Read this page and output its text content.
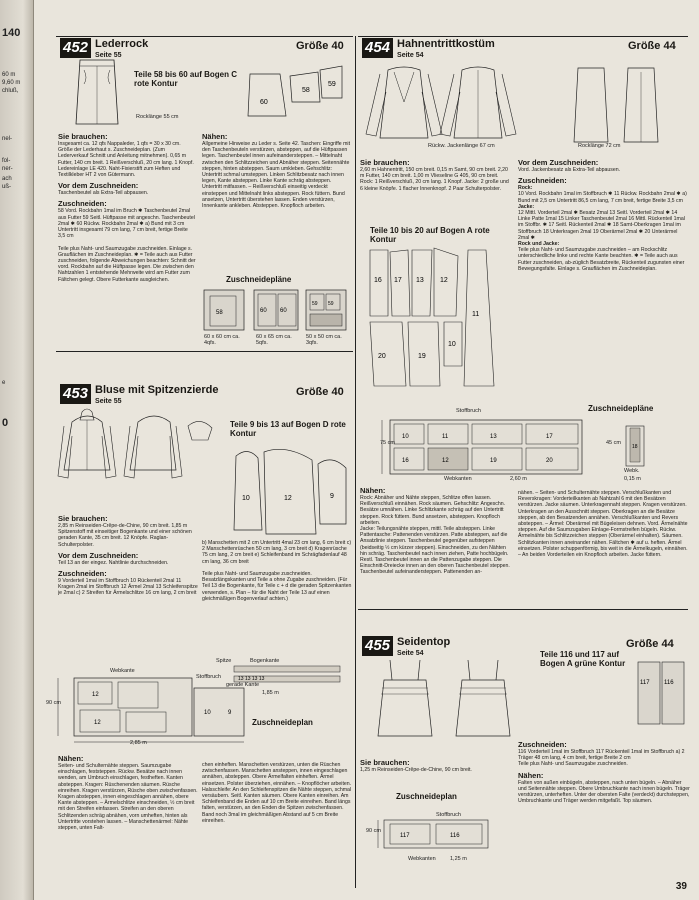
140
60 m
9,60 m
chluß,
nel-
fol-
ner-
ach
uß-
e
0
452 Lederrock
Seite 55
Größe 40
Teile 58 bis 60 auf Bogen C rote Kontur
60
58
59
Rocklänge 55 cm
Sie brauchen:
Insgesamt ca. 12 qfs Nappaleder, 1 qfs = 30 x 30 cm. Größe der Lederhaut s. Zuschneideplan. (Zum Lederverkauf Schnitt und Anleitung mitnehmen). 0,65 m Futter, 140 cm breit. 1 Reißverschluß, 20 cm lang. 1 Knopf. Ledereinlage LE 420. Naht-Fixierstift zum Heften und Textilkleber HT 2 von Gütermann.
Vor dem Zuschneiden:
Taschenbeutel als Extra-Teil abpausen.
Zuschneiden:
58 Vord. Rockbahn 1mal im Bruch ✱ Taschenbeutel 2mal aus Futter 59 Seitl. Hüftpasse mit angeschn. Taschenbeutel 2mal ✱ 60 Rückw. Rockbahn 2mal ✱ a) Bund mit 3 cm Untertritt insgesamt 79 cm lang, 7 cm breit, fertige Breite 3,5 cm

Teile plus Naht- und Saumzugabe zuschneiden. Einlage s. Grauflächen im Zuschneideplan. ✱ = Teile auch aus Futter zuschneiden, folgende Abweichungen beachten: Schnitt der vord. Rockbahn auf die Hüftpasse legen. Die zwischen den Nahtzahlen 1 entstehende Mehrweite wird am Futter zum Fältchen gelegt. Obere Futterkante ausgleichen.
Nähen:
Allgemeine Hinweise zu Leder s. Seite 42. Taschen: Eingriffe mit den Taschenbeuteln verstürzen, absteppen, auf die Hüftpassen legen. Taschenbeutel innen aufeinandersteppen. – Mittelnaht zwischen den Schlitzzeichen und Abnäher steppen. Seitennähte steppen, hinten absteppen. Saum umkleben. Gehschlitz: Untertritt schmal umsteppen. Linken Schlitzbesatz nach innen legen, Kante absteppen. Linke Kante schräg absteppen. Untertritt mitfassen. – Reißverschluß einseitig verdeckt einsteppen und Mittelnaht links absteppen. Rock füttern. Bund ansetzen, Untertritt überstehen lassen. Enden verstürzen, Innenkante anklebеn. Absteppen. Knopfloch arbeiten.
Zuschneidepläne
58	60 60
59 59
60 x 60 cm ca. 4qfs.
60 x 65 cm ca. 5qfs.
50 x 50 cm ca. 3qfs.
453 Bluse mit Spitzenzierde
Seite 55
Größe 40
Teile 9 bis 13 auf Bogen D rote Kontur
10	12	9
Sie brauchen:
2,85 m Reinseiden-Crêpe-de-Chine, 90 cm breit. 1,85 m Spitzenstoff mit einseitiger Bogenkante und einer schönen geraden Kante, 35 cm breit. 12 Knöpfe. Raglan-Schulterpolster.
Vor dem Zuschneiden:
Teil 13 an der eingez. Nahtlinie durchschneiden.
Zuschneiden:
9 Vorderteil 1mal im Stoffbruch 10 Rückenteil 2mal 11 Kragen 2mal im Stoffbruch 12 Ärmel 2mal 13 Schleifenspitze je 2mal c) 2 Streifen für Ärmelschlitze 16 cm lang, 2 cm breit
b) Manschetten mit 2 cm Untertritt 4mal 23 cm lang, 6 cm breit c) 2 Manschettenrüschen 50 cm lang, 3 cm breit d) Kragenrüsche 75 cm lang, 2 cm breit e) Schleifenband im Schrägfadenlauf 48 cm lang, 36 cm breit

Teile plus Naht- und Saumzugabe zuschneiden. Besatzlängskanten und Teile a ohne Zugabe zuschneiden. (Für Teil 13 die Bogenkante, für Teile c + d die geraden Spitzenkanten verwenden, s. Plan – für die Naht der Teile 13 auf einen gleichmäßigen Bogenverlauf achten.)
12
12
10	9
13 13 13 13
Webkante
Stoffbruch
2,85 m
90 cm
Spitze	Bogenkante
1,85 m
gerade Kante
Zuschneideplan
Nähen:
Seiten- und Schulternähte steppen. Saumzugabe einschlagen, feststeppen. Rückw. Besätze nach innen wenden, am Umbruch einschlagen, festheften. Kanten absteppen. Kragen: Rüschenenden säumen. Rüsche einreihen. Kragen verstürzen, Rüsche oben zwischenfassen. Kragen absteppen, innen eingeschlagen annähen, obere Kante absteppen. – Ärmelschlitze einschneiden, ½ cm breit mit den Streifen einfassen. Streifen an den oberen Schlitzenden schräg abnähen, vorn umheften, hinten als Untertritte vorstehen lassen. – Manschettenärmel: Nähte steppen, unten Falt-
chen einheften. Manschetten verstürzen, unten die Rüschen zwischenfassen. Manschetten ansteppen, innen eingeschlagen annähen, absteppen. Obere Ärmelfalten einheften. Ärmel einsetzen. Polster überziehen, einnähen. – Knopflöcher arbeiten. Halsschleife: An den Schleifenspitzen die Nähte steppen, schmal versäubern. Seitl. Kanten säumen. Obere Kanten einreihen. Am Schleifenband die Enden auf 10 cm Breite einreihen. Band längs falten, verstürzen, an den Enden die Spitzen zwischenfassen. Band noch 3mal im gleichmäßigen Abstand auf 5 cm Breite einreihen.
454 Hahnentrittkostüm
Seite 54
Größe 44
Rückw. Jackenlänge 67 cm	Rocklänge 72 cm
Sie brauchen:
2,60 m Hahnentritt, 150 cm breit. 0,15 m Samt, 90 cm breit. 2,20 m Futter, 140 cm breit. 1,00 m Vlieseline G 405, 90 cm breit. Rock: 1 Reißverschluß, 20 cm lang. 1 Knopf. Jacke: 2 große und 6 kleine Knöpfe. 1 flacher Innenknopf. 2 Paar Schulterpolster.
Teile 10 bis 20 auf Bogen A rote Kontur
16 17 13 12
11
20	19
10
Vor dem Zuschneiden:
Vord. Jackenbesatz als Extra-Teil abpausen.
Zuschneiden:
Rock:
10 Vord. Rockbahn 1mal im Stoffbruch ✱ 11 Rückw. Rockbahn 2mal ✱ a) Bund mit 2,5 cm Untertritt 86,5 cm lang, 7 cm breit, fertige Breite 3,5 cm
Jacke:
12 Mittl. Vorderteil 2mal ✱ Besatz 2mal 13 Seitl. Vorderteil 2mal ✱ 14 Linke Patte 1mal 15 Linker Taschenbeutel 2mal 16 Mittl. Rückenteil 1mal im Stoffbr. ✱ 17 Seitl. Rückenteil 2mal ✱ 18 Samt-Oberkragen 1mal im Stoffbruch 18 Unterkragen 2mal 19 Oberärmel 2mal ✱ 20 Unterärmel 2mal ✱
Rock und Jacke:
Teile plus Naht- und Saumzugabe zuschneiden – am Rockschlitz unterschiedliche linke und rechte Kante beachten. ✱ = Teile auch aus Futter zuschneiden, ab-züglich Besatzbreite, Rückenteil zugunsten einer Bewegungsfalte. Einlage s. Grauflächen im Zuschneideplan.
Zuschneidepläne
10
16
11
12
13
19
17
20
Stoffbruch
75 cm
Webkanten	2,60 m
18
45 cm
Webk.
0,15 m
Nähen:
Rock: Abnäher und Nähte steppen, Schlitze offen lassen. Reißverschluß einnähen. Rock säumen. Gehschlitz: Angeschn. Besätze umnähen. Linke Schlitzkante schräg auf den Untertritt steppen. Rock füttern. Bund ansetzen, absteppen. Knopfloch arbeiten.
Jacke: Teilungsnähte steppen, mittl. Teile absteppen. Linke Pattentasche: Pattenenden verstürzen. Patte absteppen, auf die Ansatzlinie steppen. Taschenbeutel gegenüber aufsteppen (beidseitig ½ cm kürzer steppen). Einschneiden, zu den Nähten hin schräg. Taschenbeutel nach innen ziehen, Patte hochbügeln. Restl. Taschenbeutel innen an die Pattenzugabe steppen. Die Einschnitt-Dreiecke innen an den oberen Taschenbeutel steppen. Taschenbeutel aufeinandersteppen. Pattenenden an-
nähen. – Seiten- und Schulternähte steppen. Verschlußkanten und Reverskragen: Vorderteilkanten ab Nahtzahl 6 mit den Besätzen verstürzen. Jacke säumen. Unterkragennaht steppen. Kragen verstürzen. Unterkragen an den Ausschnitt steppen. Oberkragen an die Besätze steppen, ab den Besatzenden annähen. Verschlußkanten und Revers absteppen. – Ärmel: Oberärmel mit Bügeleisen dehnen. Vord. Ärmelnähte steppen. Auf die Saumzugaben Einlage-Formstreifen bügeln. Rückw. Ärmelnähte bis Schlitzzeichen steppen (Oberärmel einhalten). Säumen. Schlitzkanten innen aneinander nähen. Fältchen ✱ auf u. heften. Ärmel einsetzen. Polster schuppenförmig, bis weit in die Ärmelkugeln, einnähen. – An beiden Vorderteilen ein Knopfloch arbeiten. Jacke füttern.
455 Seidentop
Seite 54
Größe 44
Teile 116 und 117 auf Bogen A grüne Kontur
117 116
Sie brauchen:
1,25 m Reinseiden-Crêpe-de-Chine, 90 cm breit.
Zuschneideplan
117	116
Stoffbruch
90 cm
Webkanten	1,25 m
Zuschneiden:
116 Vorderteil 1mal im Stoffbruch 117 Rückenteil 1mal im Stoffbruch a) 2 Träger 48 cm lang, 4 cm breit, fertige Breite 2 cm
Teile plus Naht- und Saumzugabe zuschneiden.
Nähen:
Falten von außen einbügeln, absteppen, nach unten bügeln. – Abnäher und Seitennähte steppen. Obere Umbruchkante nach innen bügeln. Träger verstürzen, unterheften. Unter der obersten Falte (verdeckt) durchsteppen, Umbruchkante und Träger werden mitgefaßt. Top säumen.
39
